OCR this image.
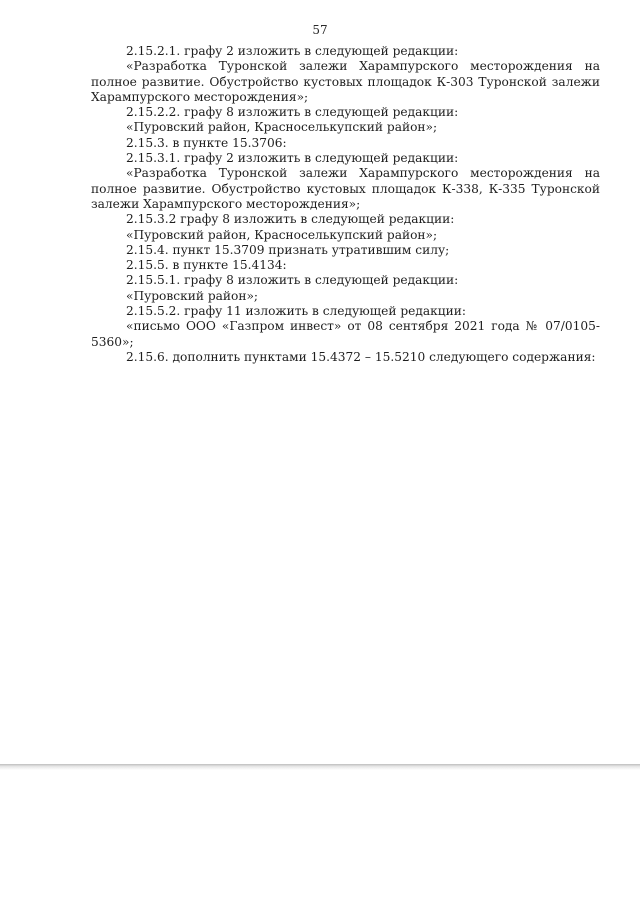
57

2.15.2.1. графу 2 изложить в следующей редакции:

«Разработка Туронской залежи Харампурского месторождения на полное развитие. Обустройство кустовых площадок К-303 Туронской залежи Харампурского месторождения»;

2.15.2.2. графу 8 изложить в следующей редакции:

«Пуровский район, Красноселькупский район»;

2.15.3. в пункте 15.3706:

2.15.3.1. графу 2 изложить в следующей редакции:

«Разработка Туронской залежи Харампурского месторождения на полное развитие. Обустройство кустовых площадок К-338, К-335 Туронской залежи Харампурского месторождения»;

2.15.3.2 графу 8 изложить в следующей редакции:

«Пуровский район, Красноселькупский район»;

2.15.4. пункт 15.3709 признать утратившим силу;

2.15.5. в пункте 15.4134:

2.15.5.1. графу 8 изложить в следующей редакции:

«Пуровский район»;

2.15.5.2. графу 11 изложить в следующей редакции:

«письмо ООО «Газпром инвест» от 08 сентября 2021 года № 07/0105-5360»;

2.15.6. дополнить пунктами 15.4372 – 15.5210 следующего содержания:
